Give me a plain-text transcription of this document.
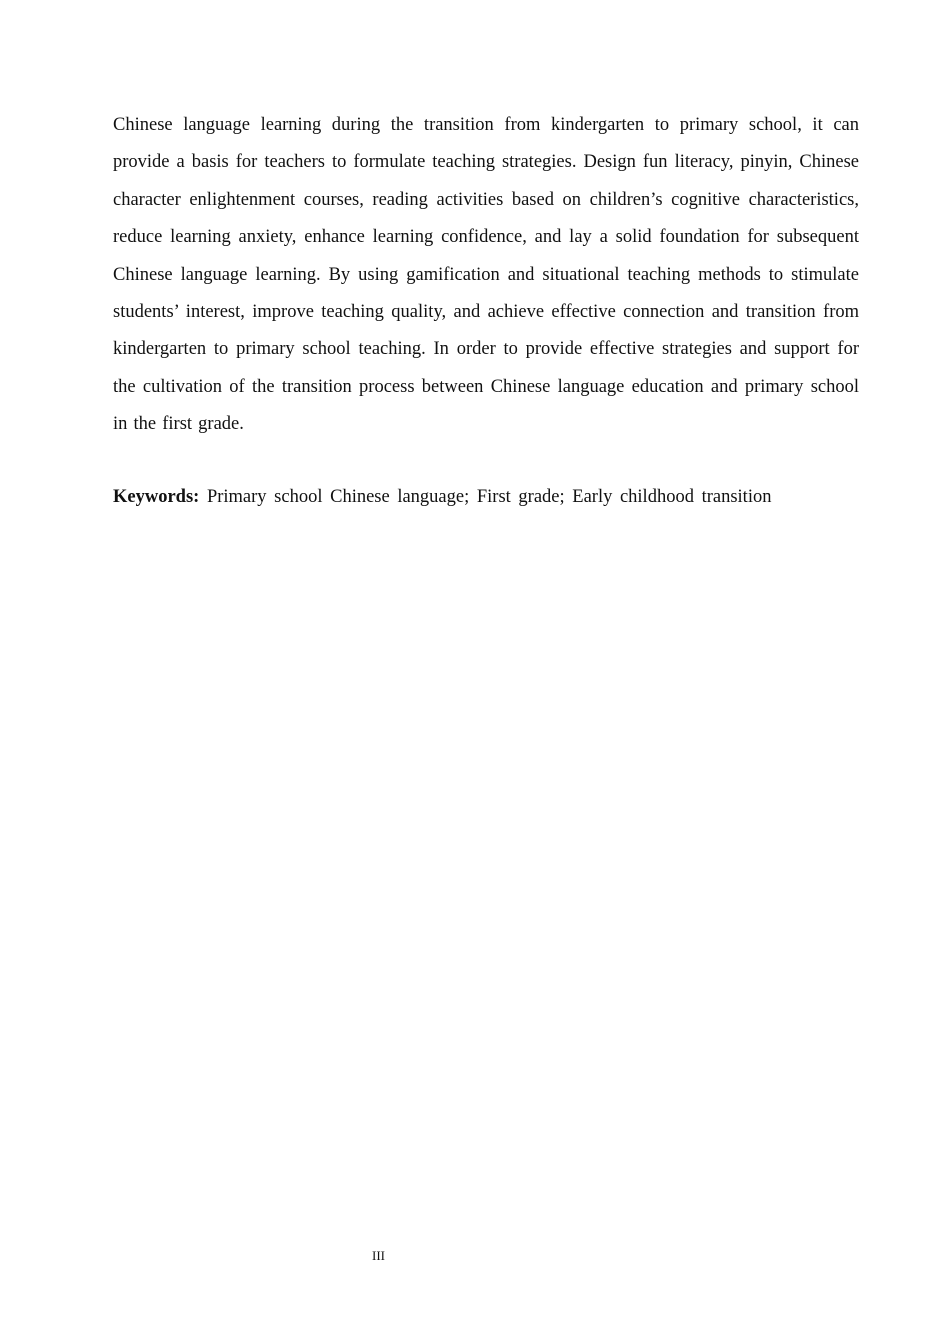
Chinese language learning during the transition from kindergarten to primary school, it can provide a basis for teachers to formulate teaching strategies. Design fun literacy, pinyin, Chinese character enlightenment courses, reading activities based on children’s cognitive characteristics, reduce learning anxiety, enhance learning confidence, and lay a solid foundation for subsequent Chinese language learning. By using gamification and situational teaching methods to stimulate students’ interest, improve teaching quality, and achieve effective connection and transition from kindergarten to primary school teaching. In order to provide effective strategies and support for the cultivation of the transition process between Chinese language education and primary school in the first grade.

Keywords: Primary school Chinese language; First grade; Early childhood transition

III
